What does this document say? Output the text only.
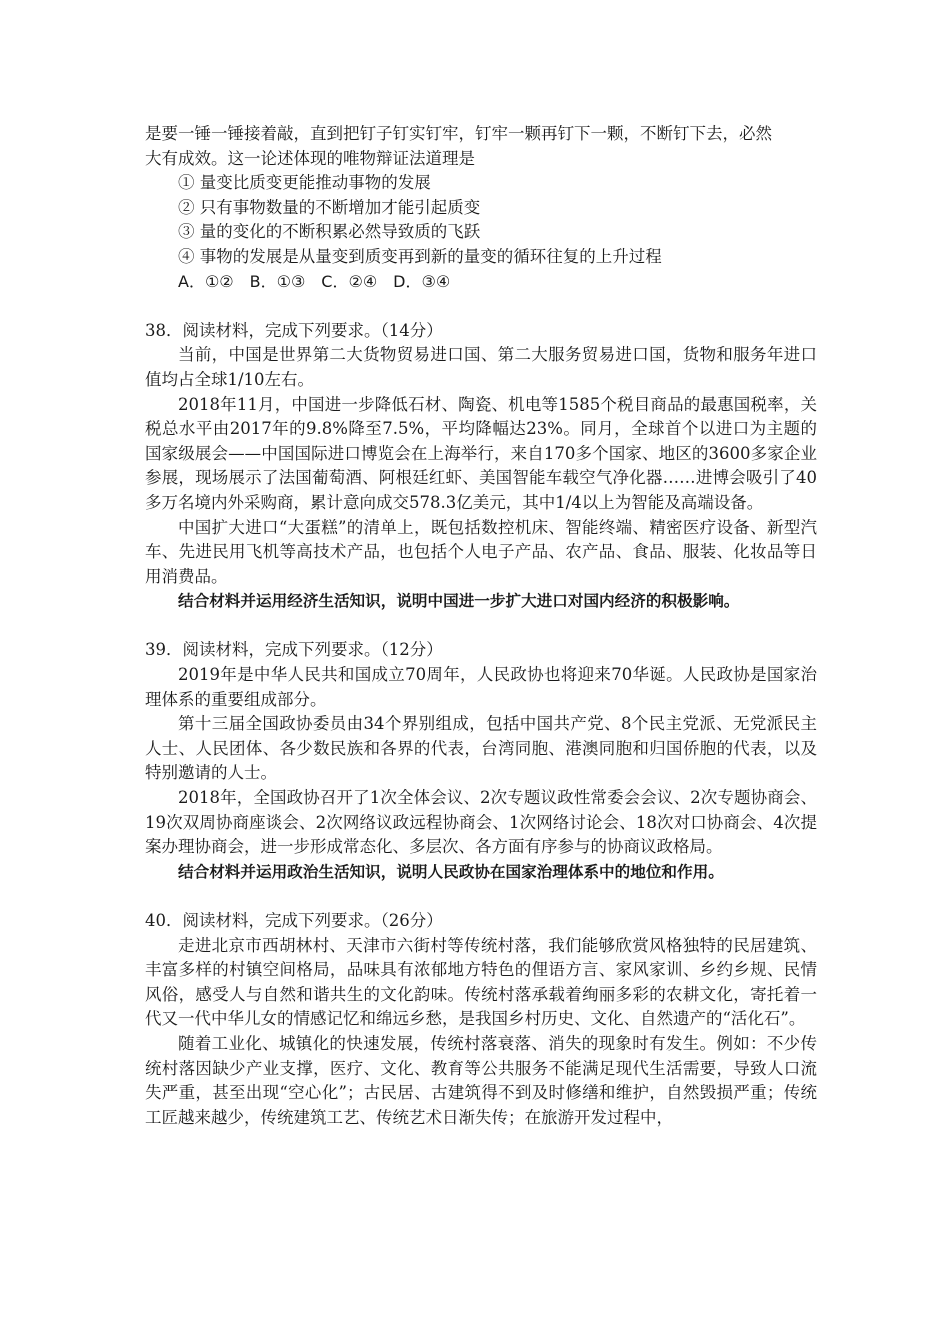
是要一锤一锤接着敲，直到把钉子钉实钉牢，钉牢一颗再钉下一颗，不断钉下去，必然

大有成效。这一论述体现的唯物辩证法道理是

① 量变比质变更能推动事物的发展

② 只有事物数量的不断增加才能引起质变

③ 量的变化的不断积累必然导致质的飞跃

④ 事物的发展是从量变到质变再到新的量变的循环往复的上升过程

A．①②　B．①③　C．②④　D．③④

38．阅读材料，完成下列要求。（14分）

当前，中国是世界第二大货物贸易进口国、第二大服务贸易进口国，货物和服务年进口值均占全球1/10左右。

2018年11月，中国进一步降低石材、陶瓷、机电等1585个税目商品的最惠国税率，关税总水平由2017年的9.8%降至7.5%，平均降幅达23%。同月，全球首个以进口为主题的国家级展会——中国国际进口博览会在上海举行，来自170多个国家、地区的3600多家企业参展，现场展示了法国葡萄酒、阿根廷红虾、美国智能车载空气净化器……进博会吸引了40多万名境内外采购商，累计意向成交578.3亿美元，其中1/4以上为智能及高端设备。

中国扩大进口“大蛋糕”的清单上，既包括数控机床、智能终端、精密医疗设备、新型汽车、先进民用飞机等高技术产品，也包括个人电子产品、农产品、食品、服装、化妆品等日用消费品。

结合材料并运用经济生活知识，说明中国进一步扩大进口对国内经济的积极影响。

39．阅读材料，完成下列要求。（12分）

2019年是中华人民共和国成立70周年，人民政协也将迎来70华诞。人民政协是国家治理体系的重要组成部分。

第十三届全国政协委员由34个界别组成，包括中国共产党、8个民主党派、无党派民主人士、人民团体、各少数民族和各界的代表，台湾同胞、港澳同胞和归国侨胞的代表，以及特别邀请的人士。

2018年，全国政协召开了1次全体会议、2次专题议政性常委会会议、2次专题协商会、19次双周协商座谈会、2次网络议政远程协商会、1次网络讨论会、18次对口协商会、4次提案办理协商会，进一步形成常态化、多层次、各方面有序参与的协商议政格局。

结合材料并运用政治生活知识，说明人民政协在国家治理体系中的地位和作用。

40．阅读材料，完成下列要求。（26分）

走进北京市西胡林村、天津市六街村等传统村落，我们能够欣赏风格独特的民居建筑、丰富多样的村镇空间格局，品味具有浓郁地方特色的俚语方言、家风家训、乡约乡规、民情风俗，感受人与自然和谐共生的文化韵味。传统村落承载着绚丽多彩的农耕文化，寄托着一代又一代中华儿女的情感记忆和绵远乡愁，是我国乡村历史、文化、自然遗产的“活化石”。

随着工业化、城镇化的快速发展，传统村落衰落、消失的现象时有发生。例如：不少传统村落因缺少产业支撑，医疗、文化、教育等公共服务不能满足现代生活需要，导致人口流失严重，甚至出现“空心化”；古民居、古建筑得不到及时修缮和维护，自然毁损严重；传统工匠越来越少，传统建筑工艺、传统艺术日渐失传；在旅游开发过程中，
